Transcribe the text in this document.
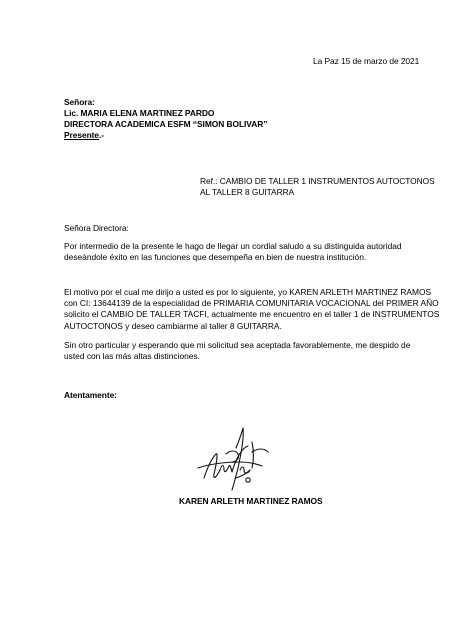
La Paz 15 de marzo de 2021
Señora:
Lic. MARIA ELENA MARTINEZ PARDO
DIRECTORA ACADEMICA ESFM “SIMON BOLIVAR”
Presente.-
Ref.: CAMBIO DE TALLER 1 INSTRUMENTOS AUTOCTONOS
AL TALLER 8 GUITARRA
Señora Directora:
Por intermedio de la presente le hago de llegar un cordial saludo a su distinguida autoridad
deseándole éxito en las funciones que desempeña en bien de nuestra institución.
El motivo por el cual me dirijo a usted es por lo siguiente, yo KAREN ARLETH MARTINEZ RAMOS
con CI: 13644139 de la especialidad de PRIMARIA COMUNITARIA VOCACIONAL del PRIMER AÑO
solicito el CAMBIO DE TALLER TACFI, actualmente me encuentro en el taller 1 de INSTRUMENTOS
AUTOCTONOS y deseo cambiarme al taller 8 GUITARRA.
Sin otro particular y esperando que mi solicitud sea aceptada favorablemente, me despido de
usted con las más altas distinciones.
Atentamente:
KAREN ARLETH MARTINEZ RAMOS
